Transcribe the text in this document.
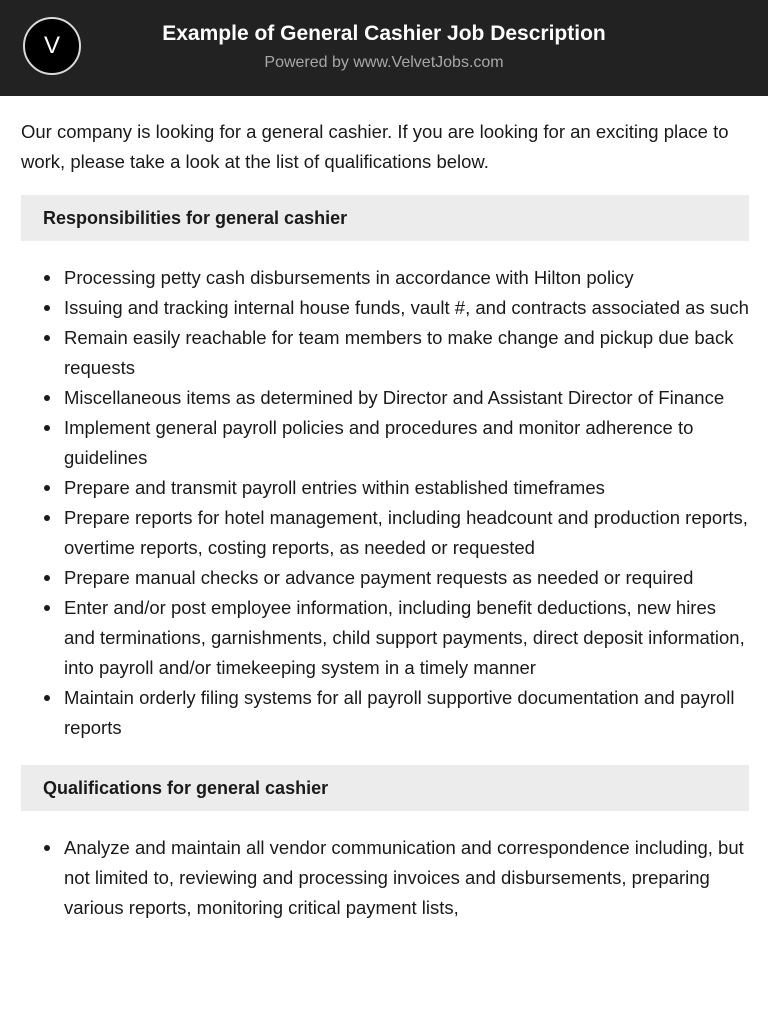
V	Example of General Cashier Job Description
Powered by www.VelvetJobs.com

Our company is looking for a general cashier. If you are looking for an exciting place to work, please take a look at the list of qualifications below.

Responsibilities for general cashier
Processing petty cash disbursements in accordance with Hilton policy
Issuing and tracking internal house funds, vault #, and contracts associated as such
Remain easily reachable for team members to make change and pickup due back requests
Miscellaneous items as determined by Director and Assistant Director of Finance
Implement general payroll policies and procedures and monitor adherence to guidelines
Prepare and transmit payroll entries within established timeframes
Prepare reports for hotel management, including headcount and production reports, overtime reports, costing reports, as needed or requested
Prepare manual checks or advance payment requests as needed or required
Enter and/or post employee information, including benefit deductions, new hires and terminations, garnishments, child support payments, direct deposit information, into payroll and/or timekeeping system in a timely manner
Maintain orderly filing systems for all payroll supportive documentation and payroll reports
Qualifications for general cashier
Analyze and maintain all vendor communication and correspondence including, but not limited to, reviewing and processing invoices and disbursements, preparing various reports, monitoring critical payment lists,
